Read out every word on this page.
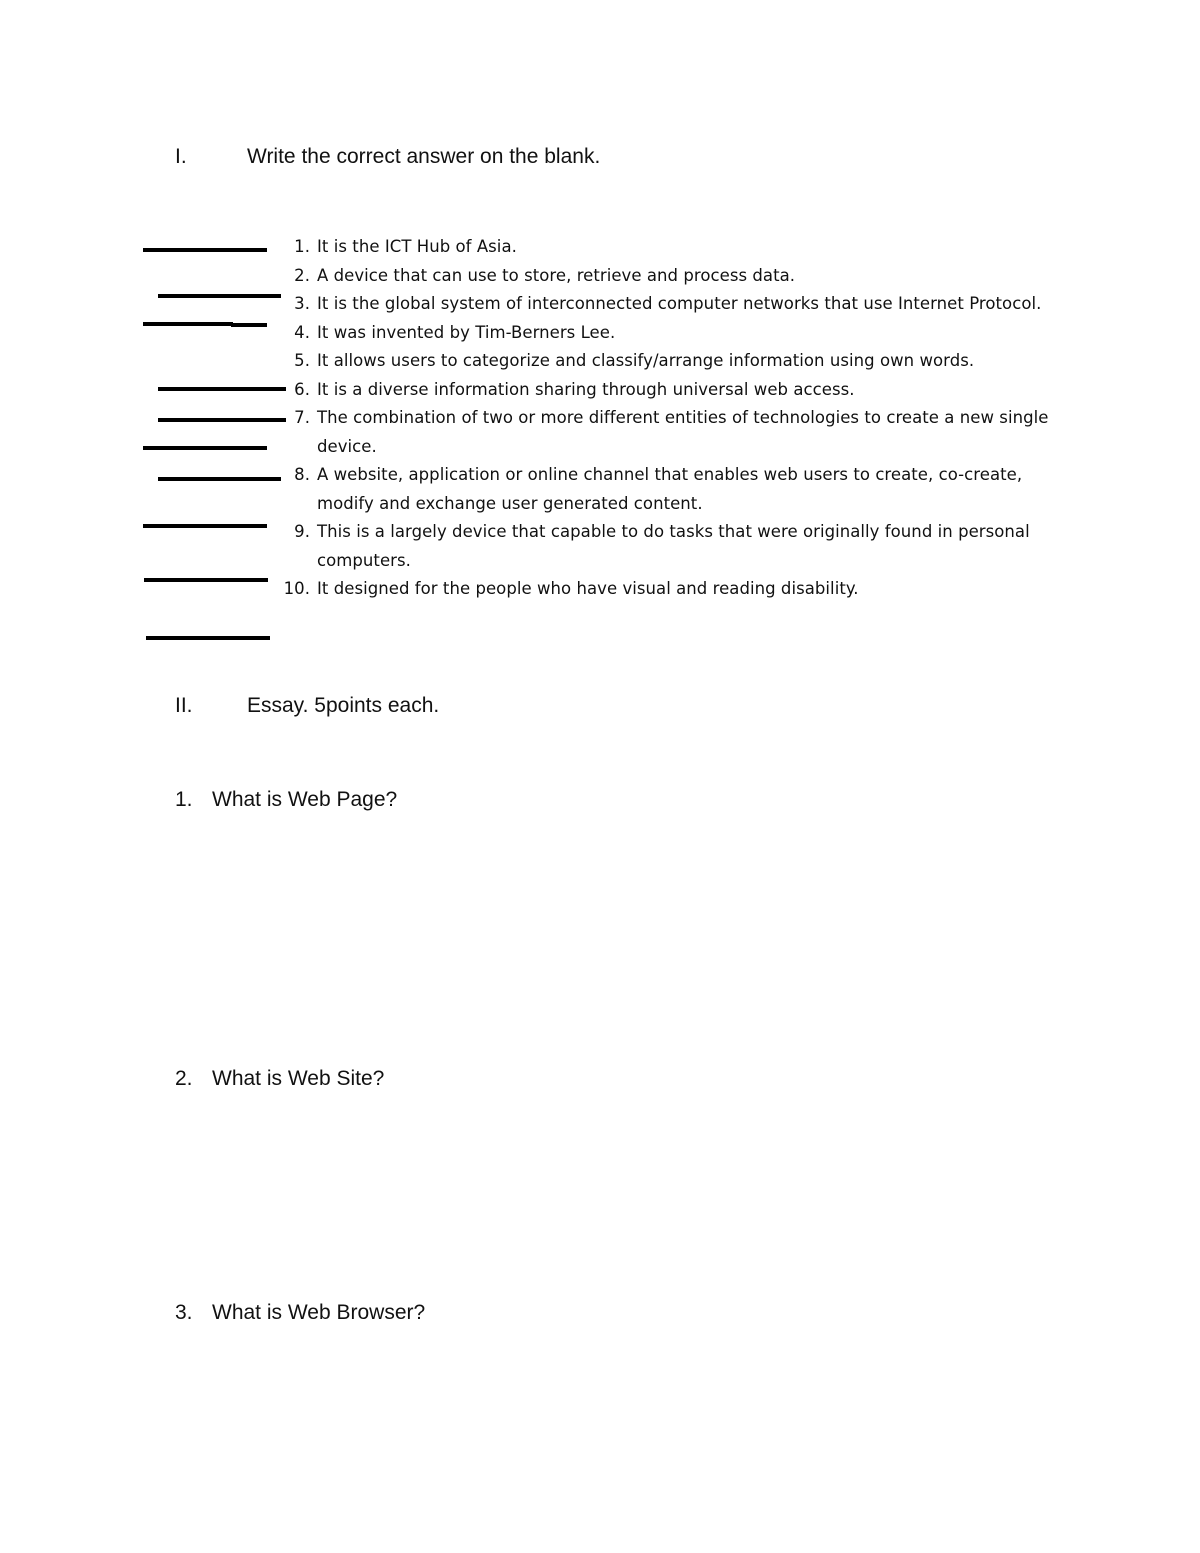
I.	Write the correct answer on the blank.
1. It is the ICT Hub of Asia.
2. A device that can use to store, retrieve and process data.
3. It is the global system of interconnected computer networks that use Internet Protocol.
4. It was invented by Tim-Berners Lee.
5. It allows users to categorize and classify/arrange information using own words.
6. It is a diverse information sharing through universal web access.
7. The combination of two or more different entities of technologies to create a new single device.
8. A website, application or online channel that enables web users to create, co-create, modify and exchange user generated content.
9. This is a largely device that capable to do tasks that were originally found in personal computers.
10. It designed for the people who have visual and reading disability.
II.	Essay. 5points each.
1. What is Web Page?
2. What is Web Site?
3. What is Web Browser?
